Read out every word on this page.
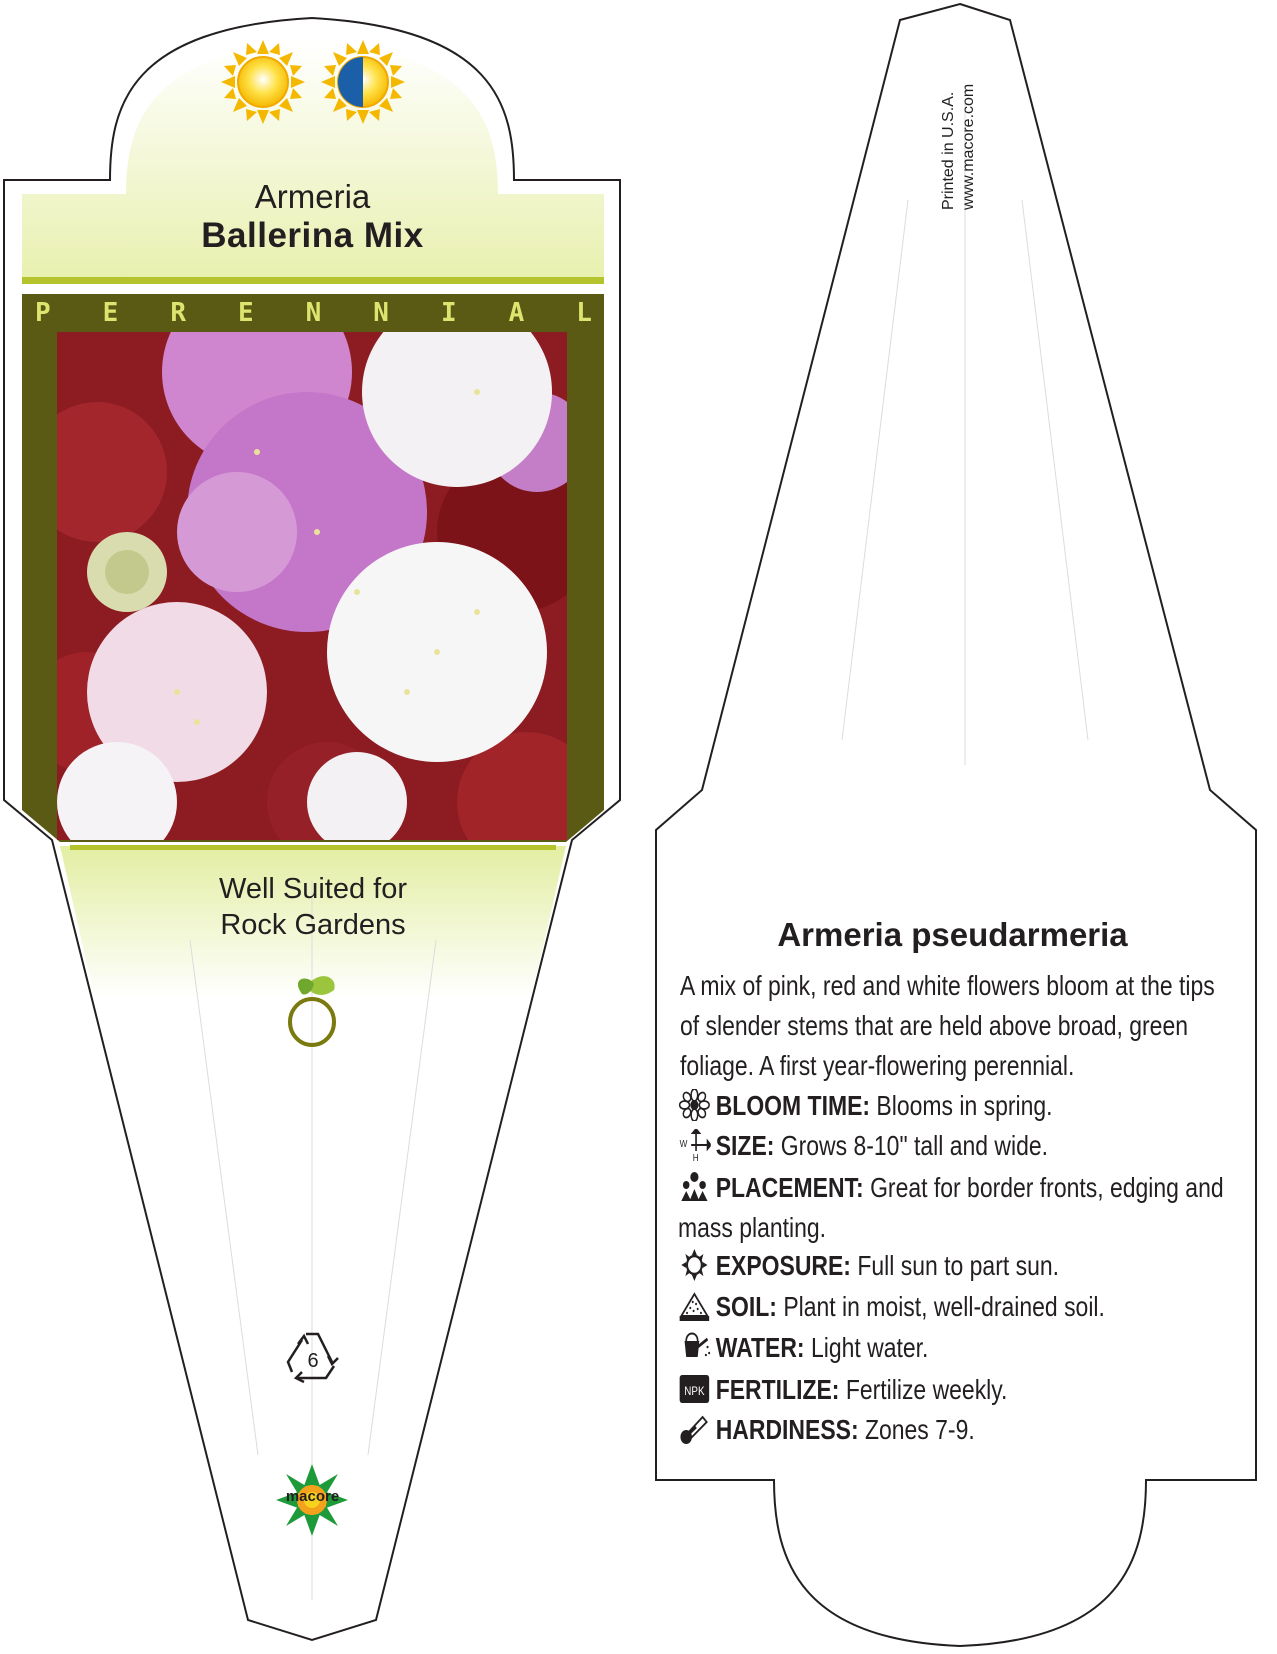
Armeria
Ballerina Mix
P E R E N N I A L
Well Suited for
Rock Gardens
6
macore
Printed in U.S.A. www.macore.com
Armeria pseudarmeria
A mix of pink, red and white flowers bloom at the tips of slender stems that are held above broad, green foliage. A first year-flowering perennial.
BLOOM TIME: Blooms in spring.
W
H SIZE: Grows 8-10" tall and wide.
PLACEMENT: Great for border fronts, edging and mass planting.
EXPOSURE: Full sun to part sun.
SOIL: Plant in moist, well-drained soil.
WATER: Light water.
NPK FERTILIZE: Fertilize weekly.
HARDINESS: Zones 7-9.
